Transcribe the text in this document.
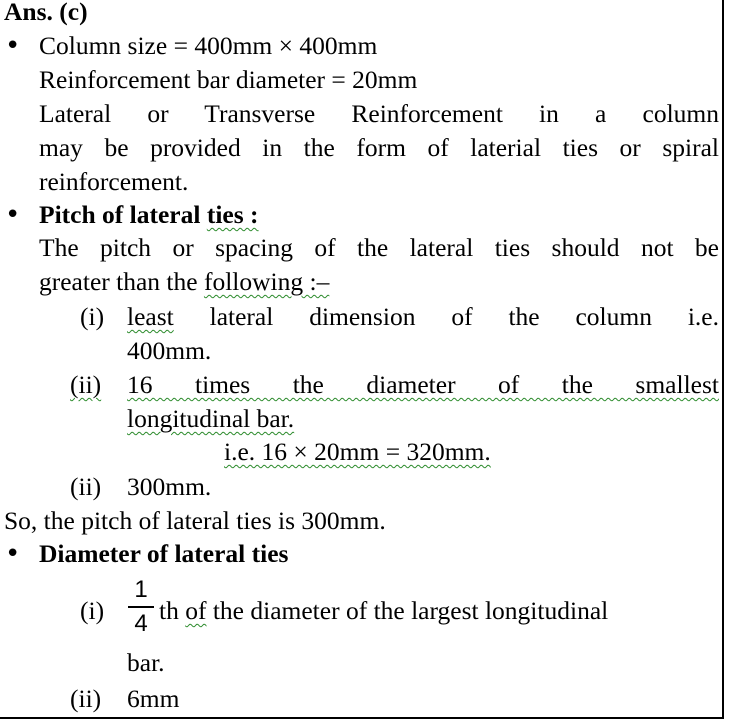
Ans. (c)
• Column size = 400mm × 400mm
Reinforcement bar diameter = 20mm
Lateral or Transverse Reinforcement in a column
may be provided in the form of laterial ties or spiral
reinforcement.
• Pitch of lateral ties :
The pitch or spacing of the lateral ties should not be
greater than the following :–
(i) least lateral dimension of the column i.e.
400mm.
(ii) 16 times the diameter of the smallest
longitudinal bar.
i.e. 16 × 20mm = 320mm.
(ii) 300mm.
So, the pitch of lateral ties is 300mm.
• Diameter of lateral ties
(i)
1
4 th of the diameter of the largest longitudinal
bar.
(ii) 6mm
